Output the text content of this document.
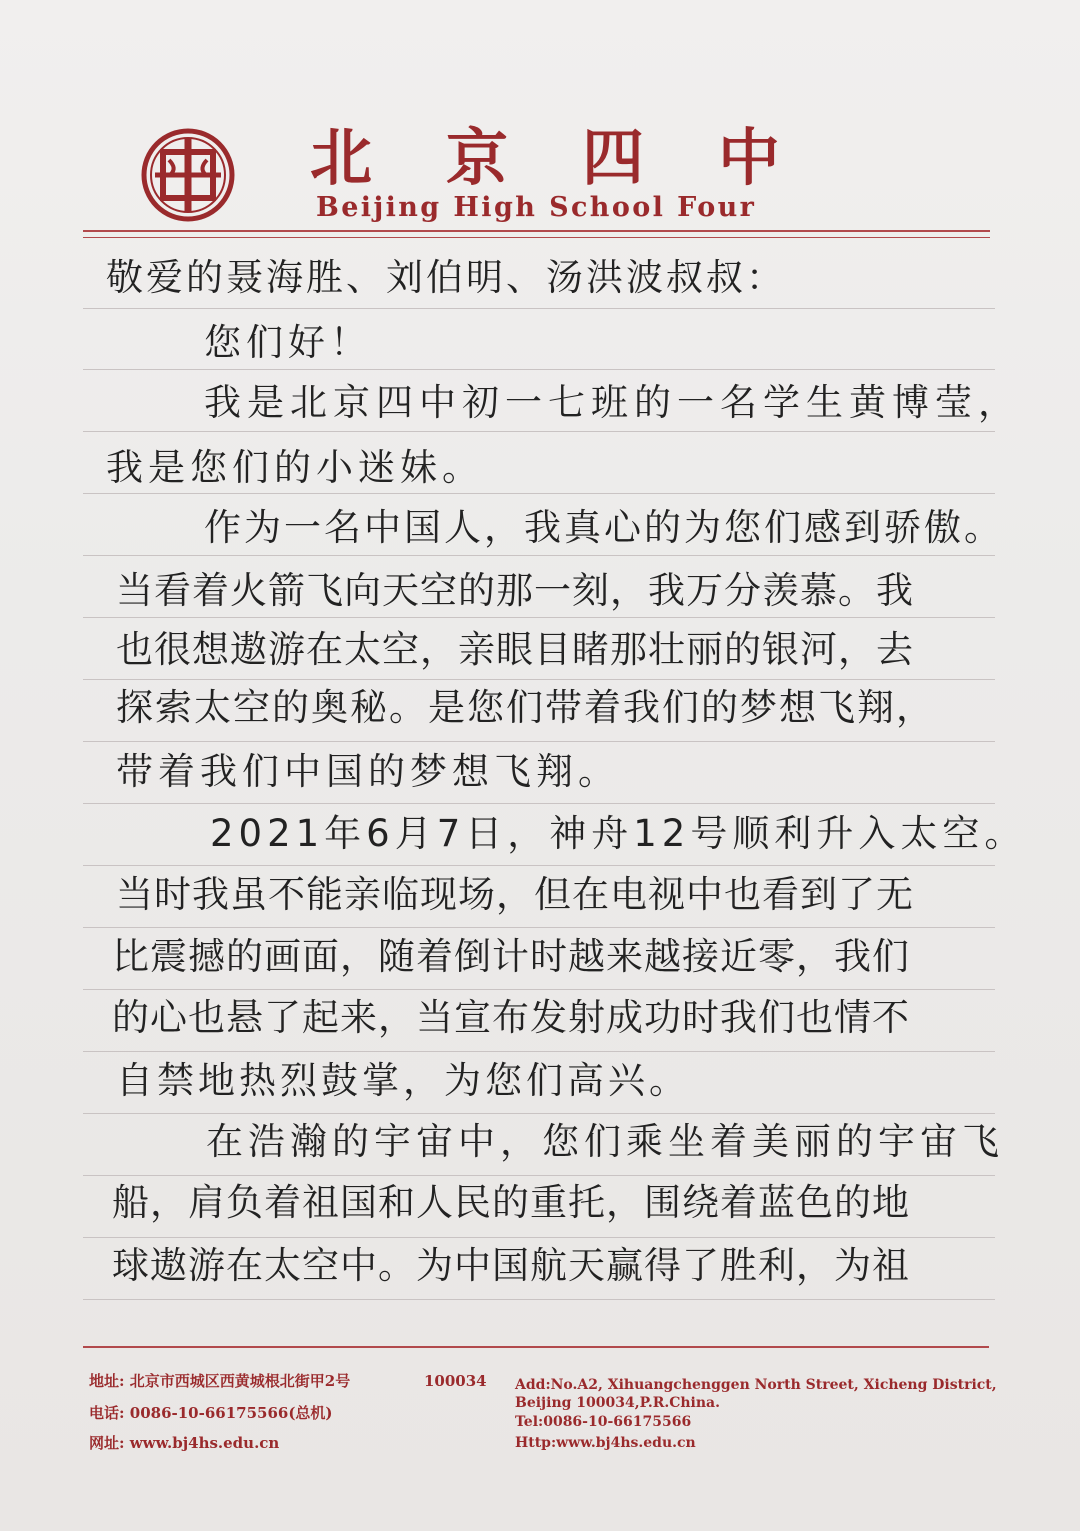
北京四中
Beijing High School Four
敬爱的聂海胜、刘伯明、汤洪波叔叔：
您们好！
我是北京四中初一七班的一名学生黄博莹，
我是您们的小迷妹。
作为一名中国人，我真心的为您们感到骄傲。
当看着火箭飞向天空的那一刻，我万分羡慕。我
也很想遨游在太空，亲眼目睹那壮丽的银河，去
探索太空的奥秘。是您们带着我们的梦想飞翔，
带着我们中国的梦想飞翔。
2021年6月7日，神舟12号顺利升入太空。
当时我虽不能亲临现场，但在电视中也看到了无
比震撼的画面，随着倒计时越来越接近零，我们
的心也悬了起来，当宣布发射成功时我们也情不
自禁地热烈鼓掌，为您们高兴。
在浩瀚的宇宙中，您们乘坐着美丽的宇宙飞
船，肩负着祖国和人民的重托，围绕着蓝色的地
球遨游在太空中。为中国航天赢得了胜利，为祖
地址: 北京市西城区西黄城根北街甲2号	100034
电话: 0086-10-66175566(总机)
网址: www.bj4hs.edu.cn
Add:No.A2, Xihuangchenggen North Street, Xicheng District,
Beijing 100034,P.R.China.
Tel:0086-10-66175566
Http:www.bj4hs.edu.cn
